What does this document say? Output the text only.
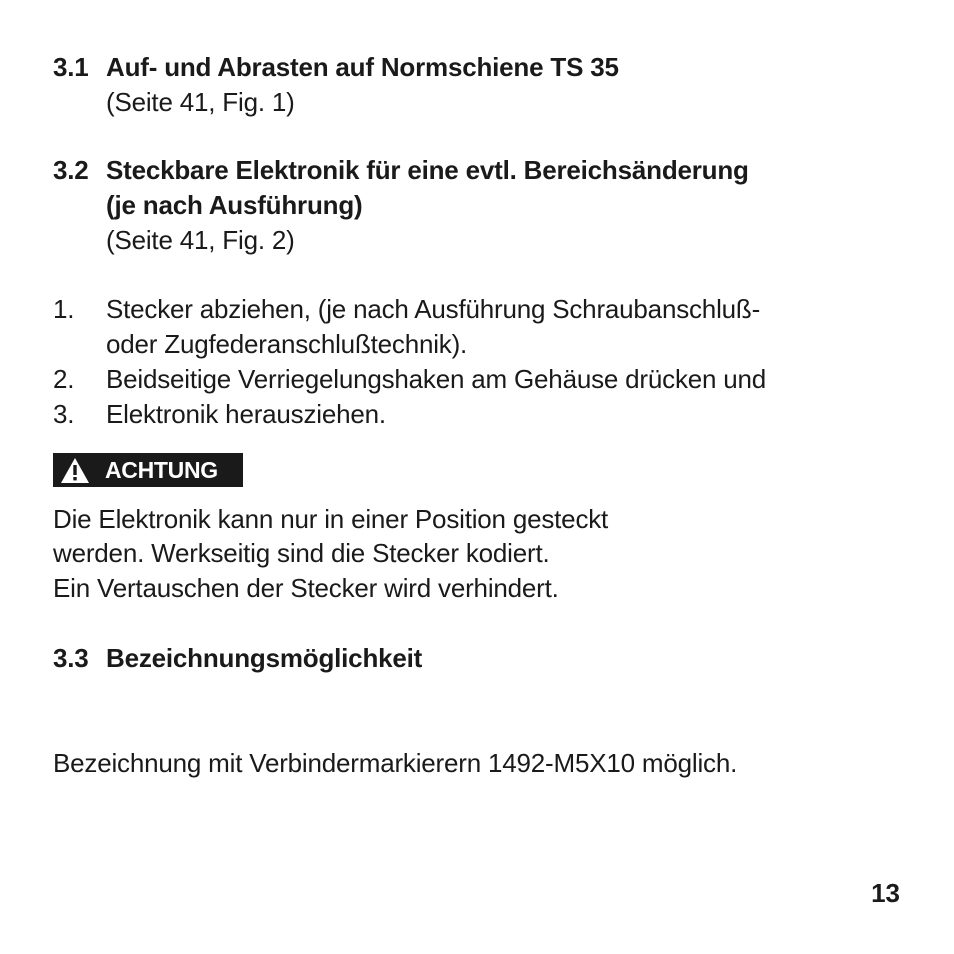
3.1 Auf- und Abrasten auf Normschiene TS 35
(Seite 41, Fig. 1)
3.2 Steckbare Elektronik für eine evtl. Bereichsänderung
(je nach Ausführung)
(Seite 41, Fig. 2)
1. Stecker abziehen, (je nach Ausführung Schraubanschluß-
oder Zugfederanschlußtechnik).
2. Beidseitige Verriegelungshaken am Gehäuse drücken und
3. Elektronik herausziehen.
ACHTUNG
Die Elektronik kann nur in einer Position gesteckt
werden. Werkseitig sind die Stecker kodiert.
Ein Vertauschen der Stecker wird verhindert.
3.3 Bezeichnungsmöglichkeit
Bezeichnung mit Verbindermarkierern 1492-M5X10 möglich.
13
